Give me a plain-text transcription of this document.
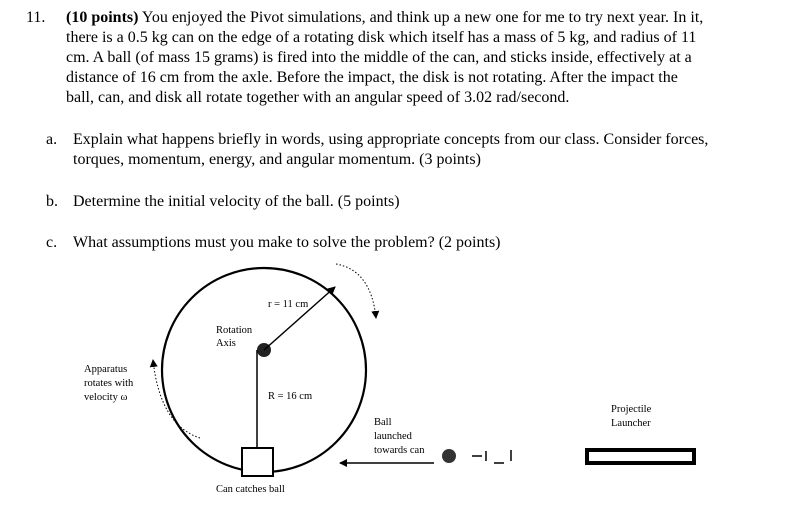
11. (10 points) You enjoyed the Pivot simulations, and think up a new one for me to try next year. In it,
there is a 0.5 kg can on the edge of a rotating disk which itself has a mass of 5 kg, and radius of 11
cm. A ball (of mass 15 grams) is fired into the middle of the can, and sticks inside, effectively at a
distance of 16 cm from the axle. Before the impact, the disk is not rotating. After the impact the
ball, can, and disk all rotate together with an angular speed of 3.02 rad/second.
a. Explain what happens briefly in words, using appropriate concepts from our class. Consider forces,
torques, momentum, energy, and angular momentum. (3 points)
b. Determine the initial velocity of the ball. (5 points)
c. What assumptions must you make to solve the problem? (2 points)
r = 11 cm
Rotation
Axis
R = 16 cm
Apparatus
rotates with
velocity ω
Can catches ball
Ball
launched
towards can
Projectile
Launcher
